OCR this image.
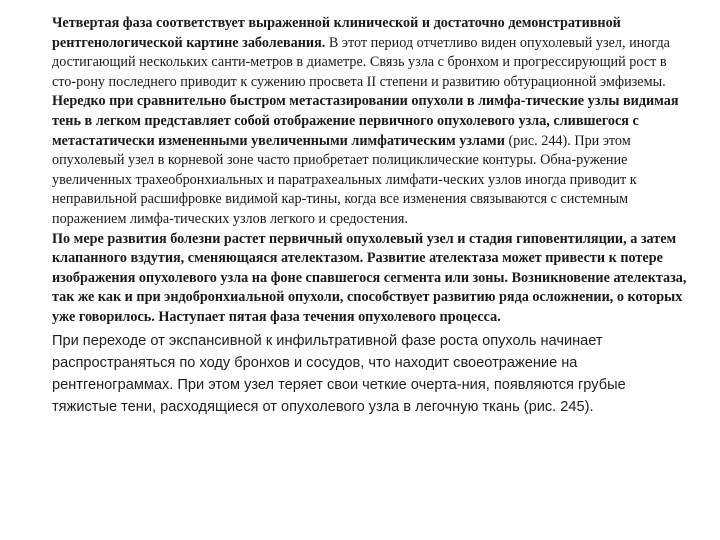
Четвертая фаза соответствует выраженной клинической и достаточно демонстративной рентгенологической картине заболевания. В этот период отчетливо виден опухолевый узел, иногда достигающий нескольких санти-метров в диаметре. Связь узла с бронхом и прогрессирующий рост в сто-рону последнего приводит к сужению просвета II степени и развитию обтурационной эмфиземы.

Нередко при сравнительно быстром метастазировании опухоли в лимфа-тические узлы видимая тень в легком представляет собой отображение первичного опухолевого узла, слившегося с метастатически измененными увеличенными лимфатическим узлами (рис. 244). При этом опухолевый узел в корневой зоне часто приобретает полициклические контуры. Обна-ружение увеличенных трахеобронхиальных и паратрахеальных лимфати-ческих узлов иногда приводит к неправильной расшифровке видимой кар-тины, когда все изменения связываются с системным поражением лимфа-тических узлов легкого и средостения.

По мере развития болезни растет первичный опухолевый узел и стадия гиповентиляции, а затем клапанного вздутия, сменяющаяся ателектазом. Развитие ателектаза может привести к потере изображения опухолевого узла на фоне спавшегося сегмента или зоны. Возникновение ателектаза, так же как и при эндобронхиальной опухоли, способствует развитию ряда осложнении, о которых уже говорилось. Наступает пятая фаза течения опухолевого процесса.

При переходе от экспансивной к инфильтративной фазе роста опухоль начинает распространяться по ходу бронхов и сосудов, что находит своеотражение на рентгенограммах. При этом узел теряет свои четкие очерта-ния, появляются грубые тяжистые тени, расходящиеся от опухолевого узла в легочную ткань (рис. 245).
